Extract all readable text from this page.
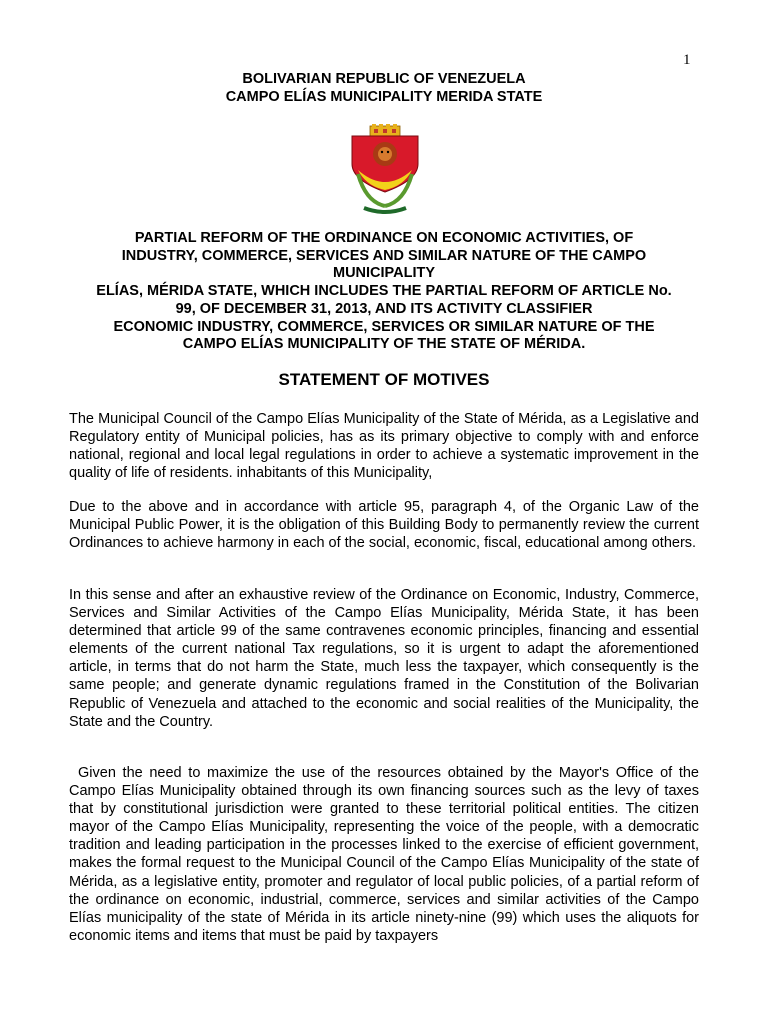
1
BOLIVARIAN REPUBLIC OF VENEZUELA
CAMPO ELÍAS MUNICIPALITY MERIDA STATE
PARTIAL REFORM OF THE ORDINANCE ON ECONOMIC ACTIVITIES, OF
INDUSTRY, COMMERCE, SERVICES AND SIMILAR NATURE OF THE CAMPO
MUNICIPALITY
ELÍAS, MÉRIDA STATE, WHICH INCLUDES THE PARTIAL REFORM OF ARTICLE No.
99, OF DECEMBER 31, 2013, AND ITS ACTIVITY CLASSIFIER
ECONOMIC INDUSTRY, COMMERCE, SERVICES OR SIMILAR NATURE OF THE
CAMPO ELÍAS MUNICIPALITY OF THE STATE OF MÉRIDA.
STATEMENT OF MOTIVES

The Municipal Council of the Campo Elías Municipality of the State of Mérida, as a Legislative and Regulatory entity of Municipal policies, has as its primary objective to comply with and enforce national, regional and local legal regulations in order to achieve a systematic improvement in the quality of life of residents. inhabitants of this Municipality,

Due to the above and in accordance with article 95, paragraph 4, of the Organic Law of the Municipal Public Power, it is the obligation of this Building Body to permanently review the current Ordinances to achieve harmony in each of the social, economic, fiscal, educational among others.

In this sense and after an exhaustive review of the Ordinance on Economic, Industry, Commerce, Services and Similar Activities of the Campo Elías Municipality, Mérida State, it has been determined that article 99 of the same contravenes economic principles, financing and essential elements of the current national Tax regulations, so it is urgent to adapt the aforementioned article, in terms that do not harm the State, much less the taxpayer, which consequently is the same people; and generate dynamic regulations framed in the Constitution of the Bolivarian Republic of Venezuela and attached to the economic and social realities of the Municipality, the State and the Country.

Given the need to maximize the use of the resources obtained by the Mayor's Office of the Campo Elías Municipality obtained through its own financing sources such as the levy of taxes that by constitutional jurisdiction were granted to these territorial political entities. The citizen mayor of the Campo Elías Municipality, representing the voice of the people, with a democratic tradition and leading participation in the processes linked to the exercise of efficient government, makes the formal request to the Municipal Council of the Campo Elías Municipality of the state of Mérida, as a legislative entity, promoter and regulator of local public policies, of a partial reform of the ordinance on economic, industrial, commerce, services and similar activities of the Campo Elías municipality of the state of Mérida in its article ninety-nine (99) which uses the aliquots for economic items and items that must be paid by taxpayers
